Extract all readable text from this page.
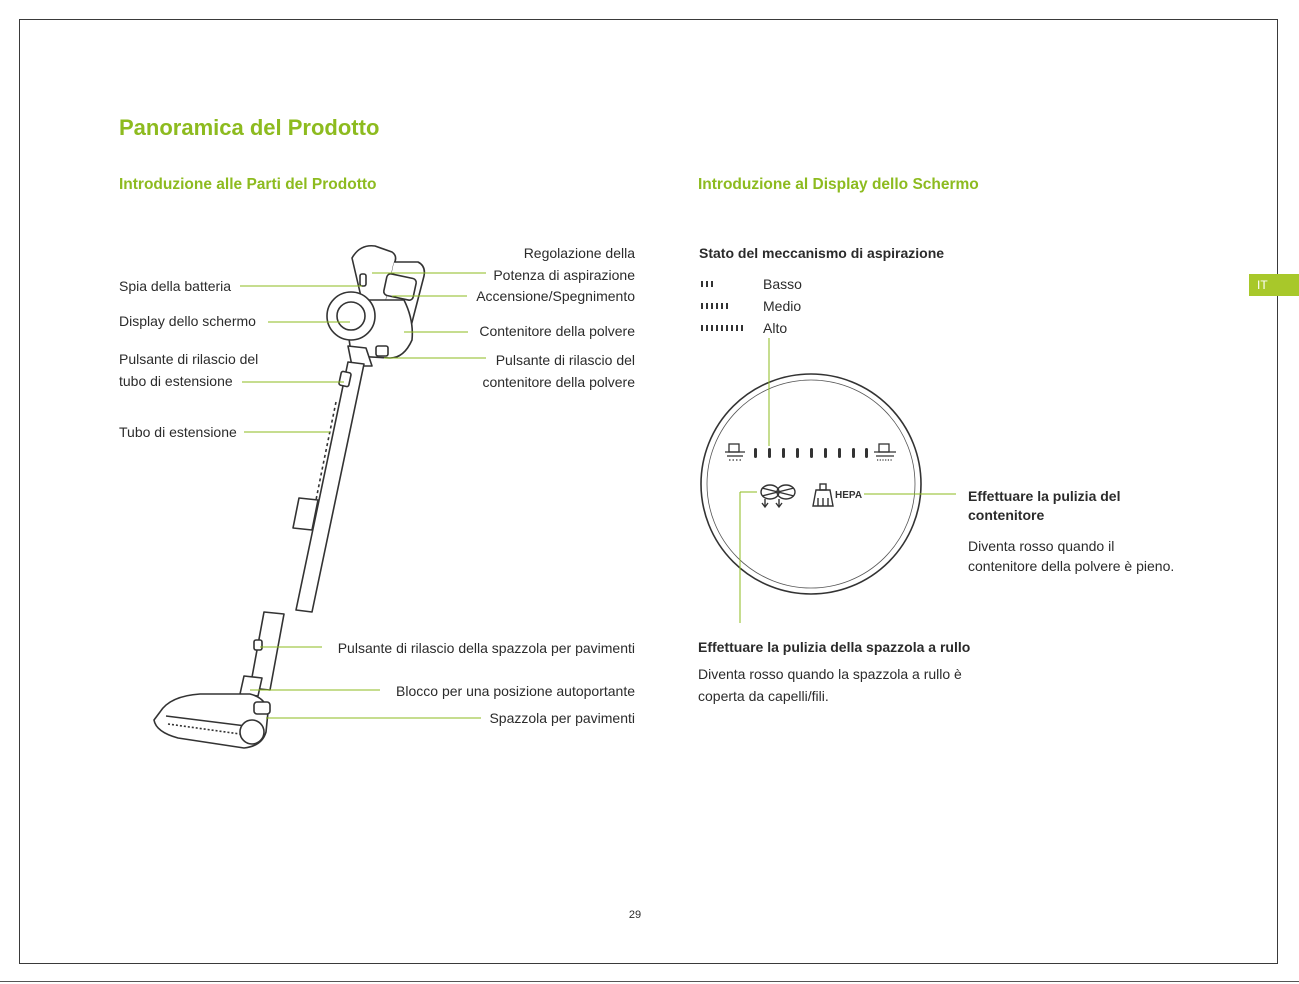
Panoramica del Prodotto
Introduzione alle Parti del Prodotto	Introduzione al Display dello Schermo
IT
Spia della batteria
Display dello schermo
Pulsante di rilascio del
tubo di estensione
Tubo di estensione
Regolazione della
Potenza di aspirazione
Accensione/Spegnimento
Contenitore della polvere
Pulsante di rilascio del
contenitore della polvere
Pulsante di rilascio della spazzola per pavimenti
Blocco per una posizione autoportante
Spazzola per pavimenti
Stato del meccanismo di aspirazione
Basso
Medio
Alto
Effettuare la pulizia del
contenitore
Diventa rosso quando il
contenitore della polvere è pieno.
Effettuare la pulizia della spazzola a rullo
Diventa rosso quando la spazzola a rullo è
coperta da capelli/fili.
29
HEPA
